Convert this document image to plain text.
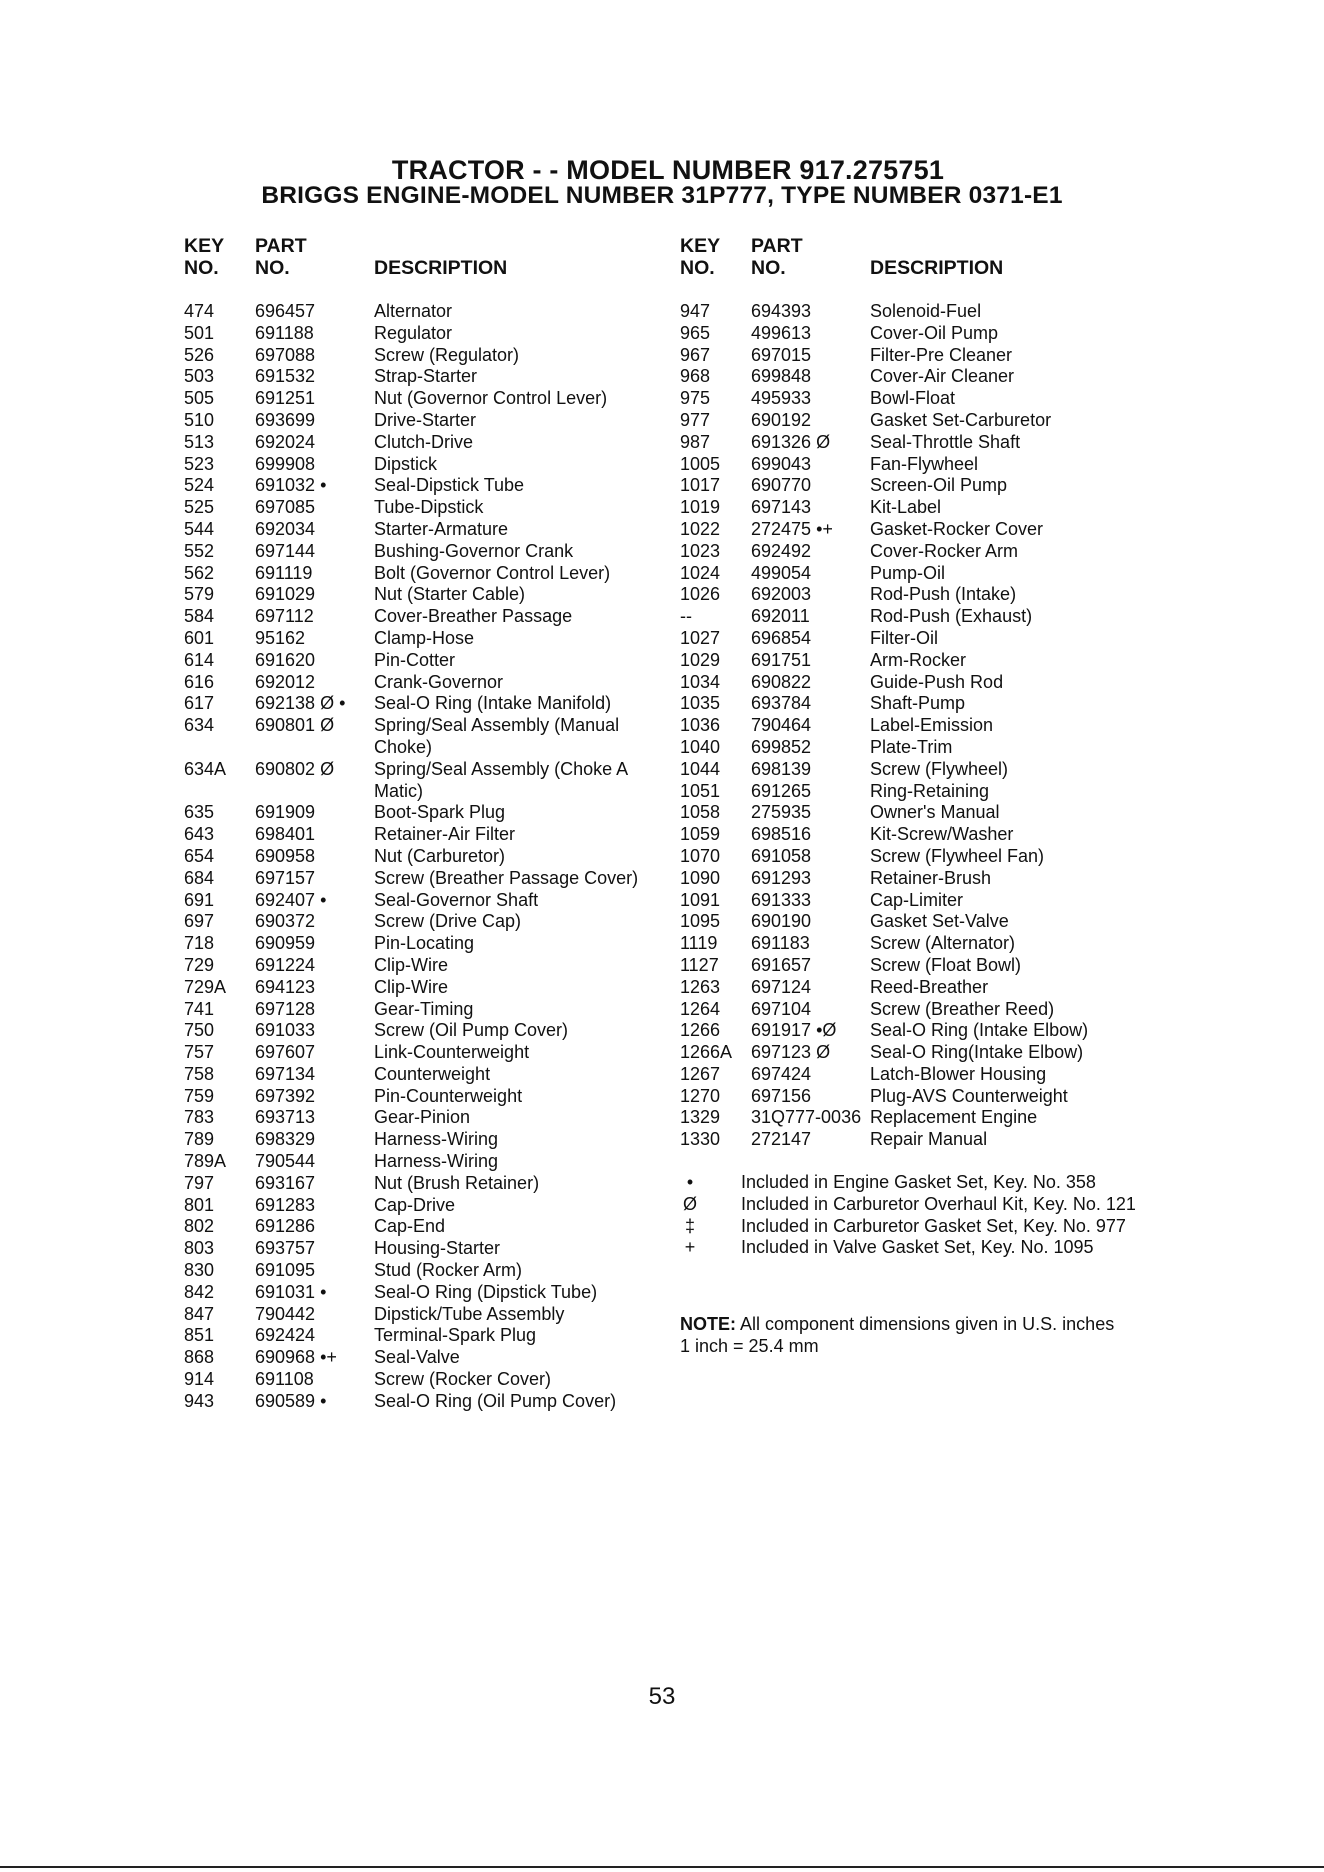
TRACTOR - - MODEL NUMBER 917.275751
BRIGGS ENGINE-MODEL NUMBER 31P777, TYPE NUMBER 0371-E1
KEY
NO.
PART
NO.	DESCRIPTION
474 696457	Alternator
501 691188	Regulator
526 697088	Screw (Regulator)
503 691532	Strap-Starter
505 691251	Nut (Governor Control Lever)
510 693699	Drive-Starter
513 692024	Clutch-Drive
523 699908	Dipstick
524 691032 •	Seal-Dipstick Tube
525 697085	Tube-Dipstick
544 692034	Starter-Armature
552 697144	Bushing-Governor Crank
562 691119	Bolt (Governor Control Lever)
579 691029	Nut (Starter Cable)
584 697112	Cover-Breather Passage
601 95162	Clamp-Hose
614 691620	Pin-Cotter
616 692012	Crank-Governor
617 692138 Ø • Seal-O Ring (Intake Manifold)
634 690801 Ø Spring/Seal Assembly (Manual Choke)
634A 690802 Ø Spring/Seal Assembly (Choke A Matic)
635 691909	Boot-Spark Plug
643 698401	Retainer-Air Filter
654 690958	Nut (Carburetor)
684 697157	Screw (Breather Passage Cover)
691 692407 •	Seal-Governor Shaft
697 690372	Screw (Drive Cap)
718 690959	Pin-Locating
729 691224	Clip-Wire
729A 694123	Clip-Wire
741 697128	Gear-Timing
750 691033	Screw (Oil Pump Cover)
757 697607	Link-Counterweight
758 697134	Counterweight
759 697392	Pin-Counterweight
783 693713	Gear-Pinion
789 698329	Harness-Wiring
789A 790544	Harness-Wiring
797 693167	Nut (Brush Retainer)
801 691283	Cap-Drive
802 691286	Cap-End
803 693757	Housing-Starter
830 691095	Stud (Rocker Arm)
842 691031 •	Seal-O Ring (Dipstick Tube)
847 790442	Dipstick/Tube Assembly
851 692424	Terminal-Spark Plug
868 690968 •+ Seal-Valve
914 691108	Screw (Rocker Cover)
943 690589 •	Seal-O Ring (Oil Pump Cover)
KEY
NO.
PART
NO.	DESCRIPTION
947 694393	Solenoid-Fuel
965 499613	Cover-Oil Pump
967 697015	Filter-Pre Cleaner
968 699848	Cover-Air Cleaner
975 495933	Bowl-Float
977 690192	Gasket Set-Carburetor
987 691326 Ø Seal-Throttle Shaft
1005 699043	Fan-Flywheel
1017 690770	Screen-Oil Pump
1019 697143	Kit-Label
1022 272475 •+ Gasket-Rocker Cover
1023 692492	Cover-Rocker Arm
1024 499054	Pump-Oil
1026 692003	Rod-Push (Intake)
--	692011	Rod-Push (Exhaust)
1027 696854	Filter-Oil
1029 691751	Arm-Rocker
1034 690822	Guide-Push Rod
1035 693784	Shaft-Pump
1036 790464	Label-Emission
1040 699852	Plate-Trim
1044 698139	Screw (Flywheel)
1051 691265	Ring-Retaining
1058 275935	Owner's Manual
1059 698516	Kit-Screw/Washer
1070 691058	Screw (Flywheel Fan)
1090 691293	Retainer-Brush
1091 691333	Cap-Limiter
1095 690190	Gasket Set-Valve
1119 691183	Screw (Alternator)
1127 691657	Screw (Float Bowl)
1263 697124	Reed-Breather
1264 697104	Screw (Breather Reed)
1266 691917 •Ø Seal-O Ring (Intake Elbow)
1266A 697123 Ø Seal-O Ring(Intake Elbow)
1267 697424	Latch-Blower Housing
1270 697156	Plug-AVS Counterweight
1329 31Q777-0036 Replacement Engine
1330 272147	Repair Manual
•	Included in Engine Gasket Set, Key. No. 358
Ø Included in Carburetor Overhaul Kit, Key. No. 121
‡	Included in Carburetor Gasket Set, Key. No. 977
+	Included in Valve Gasket Set, Key. No. 1095
NOTE: All component dimensions given in U.S. inches
1 inch = 25.4 mm
53
